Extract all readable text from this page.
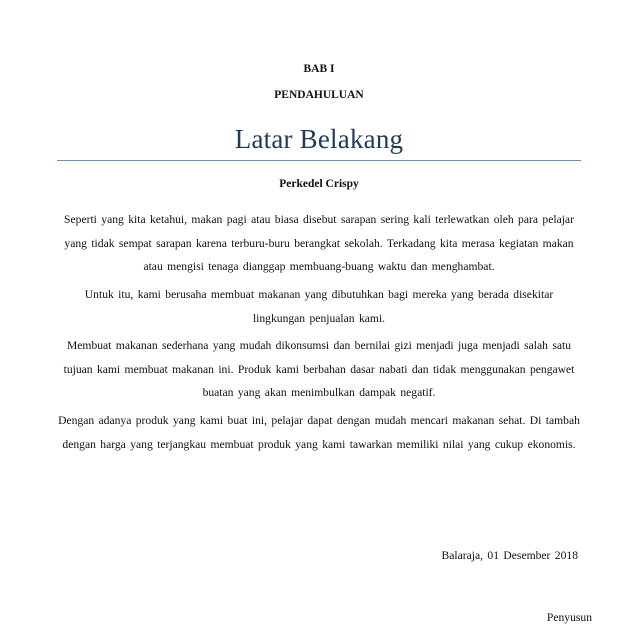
BAB I
PENDAHULUAN
Latar Belakang
Perkedel Crispy
Seperti yang kita ketahui, makan pagi atau biasa disebut sarapan sering kali terlewatkan oleh para pelajar yang tidak sempat sarapan karena terburu-buru berangkat sekolah. Terkadang kita merasa kegiatan makan atau mengisi tenaga dianggap membuang-buang waktu dan menghambat.
Untuk itu, kami berusaha membuat makanan yang dibutuhkan bagi mereka yang berada disekitar lingkungan penjualan kami.
Membuat makanan sederhana yang mudah dikonsumsi dan bernilai gizi menjadi juga menjadi salah satu tujuan kami membuat makanan ini. Produk kami berbahan dasar nabati dan tidak menggunakan pengawet buatan yang akan menimbulkan dampak negatif.
Dengan adanya produk yang kami buat ini, pelajar dapat dengan mudah mencari makanan sehat. Di tambah dengan harga yang terjangkau membuat produk yang kami tawarkan memiliki nilai yang cukup ekonomis.
Balaraja, 01 Desember 2018
Penyusun
